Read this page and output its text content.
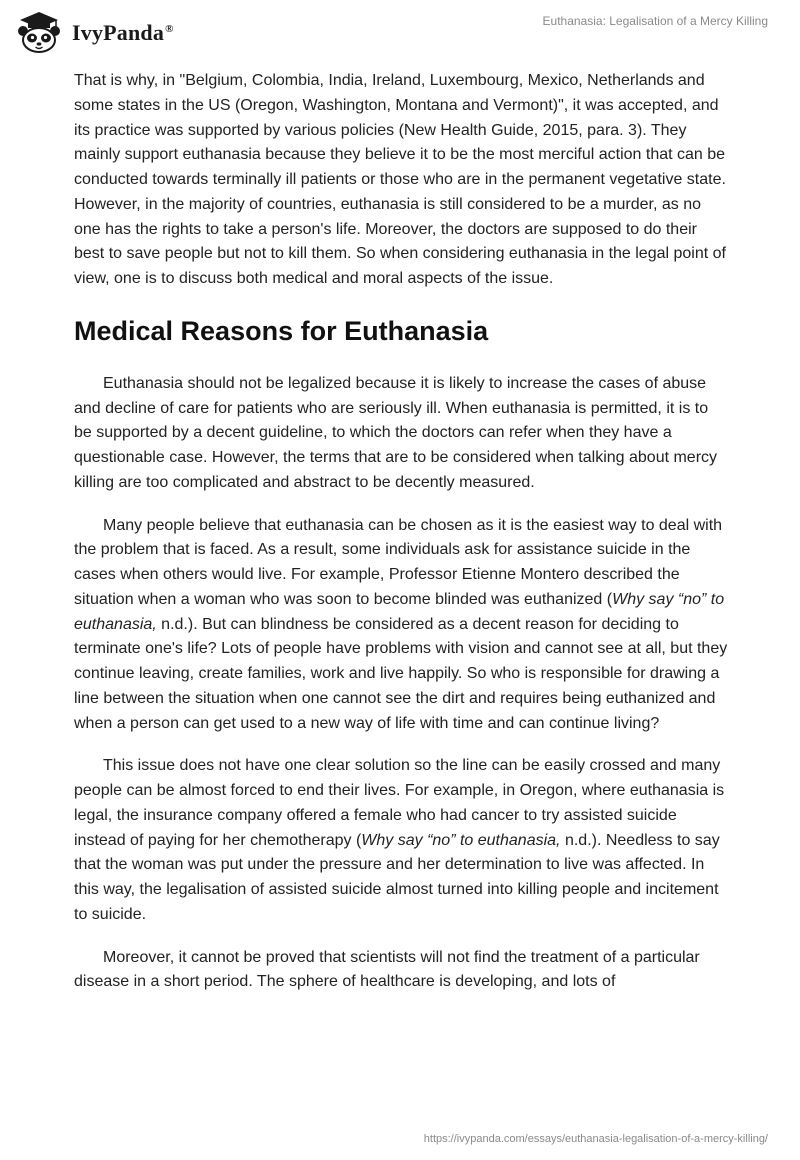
IvyPanda®
Euthanasia: Legalisation of a Mercy Killing

That is why, in "Belgium, Colombia, India, Ireland, Luxembourg, Mexico, Netherlands and some states in the US (Oregon, Washington, Montana and Vermont)", it was accepted, and its practice was supported by various policies (New Health Guide, 2015, para. 3). They mainly support euthanasia because they believe it to be the most merciful action that can be conducted towards terminally ill patients or those who are in the permanent vegetative state. However, in the majority of countries, euthanasia is still considered to be a murder, as no one has the rights to take a person's life. Moreover, the doctors are supposed to do their best to save people but not to kill them. So when considering euthanasia in the legal point of view, one is to discuss both medical and moral aspects of the issue.

Medical Reasons for Euthanasia

Euthanasia should not be legalized because it is likely to increase the cases of abuse and decline of care for patients who are seriously ill. When euthanasia is permitted, it is to be supported by a decent guideline, to which the doctors can refer when they have a questionable case. However, the terms that are to be considered when talking about mercy killing are too complicated and abstract to be decently measured.

Many people believe that euthanasia can be chosen as it is the easiest way to deal with the problem that is faced. As a result, some individuals ask for assistance suicide in the cases when others would live. For example, Professor Etienne Montero described the situation when a woman who was soon to become blinded was euthanized (Why say “no” to euthanasia, n.d.). But can blindness be considered as a decent reason for deciding to terminate one's life? Lots of people have problems with vision and cannot see at all, but they continue leaving, create families, work and live happily. So who is responsible for drawing a line between the situation when one cannot see the dirt and requires being euthanized and when a person can get used to a new way of life with time and can continue living?

This issue does not have one clear solution so the line can be easily crossed and many people can be almost forced to end their lives. For example, in Oregon, where euthanasia is legal, the insurance company offered a female who had cancer to try assisted suicide instead of paying for her chemotherapy (Why say “no” to euthanasia, n.d.). Needless to say that the woman was put under the pressure and her determination to live was affected. In this way, the legalisation of assisted suicide almost turned into killing people and incitement to suicide.

Moreover, it cannot be proved that scientists will not find the treatment of a particular disease in a short period. The sphere of healthcare is developing, and lots of

https://ivypanda.com/essays/euthanasia-legalisation-of-a-mercy-killing/
